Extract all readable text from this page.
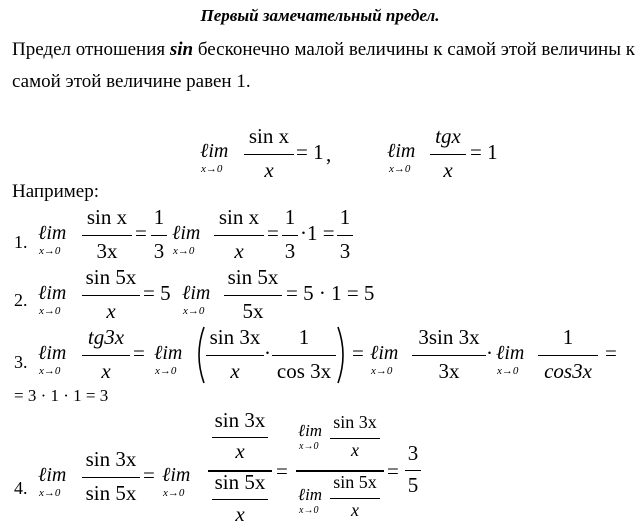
Первый замечательный предел.
Предел отношения sin бесконечно малой величины к самой этой величины к
самой этой величине равен 1.
ℓim
x→0
sin x
x
= 1 ,	ℓim
x→0
tgx
x
= 1
Например:
1. ℓim
x→0
sin x
3x
=
1
3
ℓim
x→0
sin x
x
=
1
3
·1 =
1
3
2. ℓim
x→0
sin 5x
x
= 5 ℓim
x→0
sin 5x
5x
= 5 · 1 = 5
3. ℓim
x→0
tg3x
x
= ℓim
x→0
sin 3x
x
·
1
cos 3x
= ℓim
x→0
3sin 3x
3x
· ℓim
x→0
1
cos3x
=
= 3 · 1 · 1 = 3
4.
ℓim
x→0
sin 3x
sin 5x
= ℓim
x→0
sin 3x
x
sin 5x
x
=
ℓim
x→0
sin 3x
x
ℓim
x→0
sin 5x
x
=
3
5
